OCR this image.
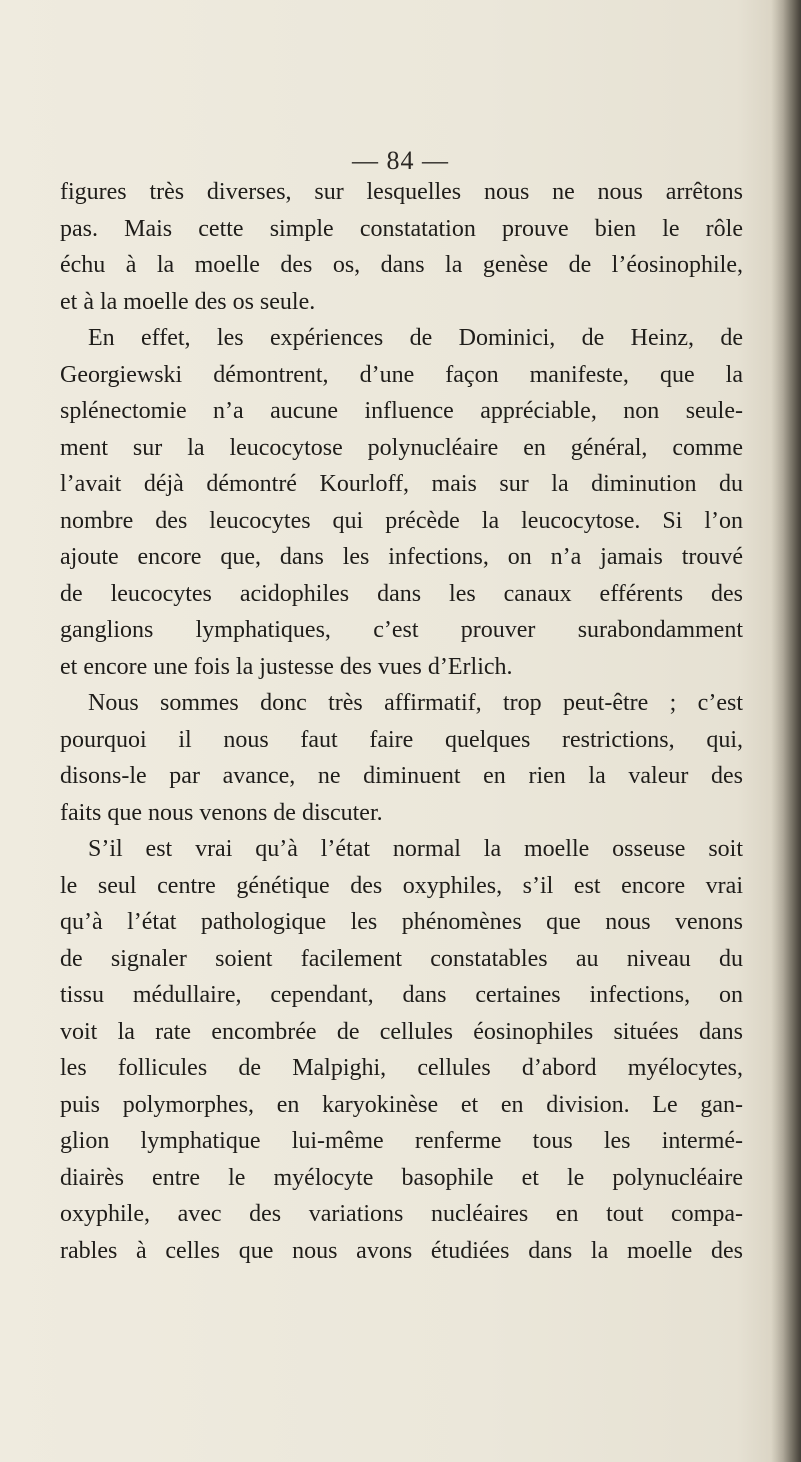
— 84 —
figures très diverses, sur lesquelles nous ne nous arrêtons
pas. Mais cette simple constatation prouve bien le rôle
échu à la moelle des os, dans la genèse de l’éosinophile,
et à la moelle des os seule.
En effet, les expériences de Dominici, de Heinz, de
Georgiewski démontrent, d’une façon manifeste, que la
splénectomie n’a aucune influence appréciable, non seule-
ment sur la leucocytose polynucléaire en général, comme
l’avait déjà démontré Kourloff, mais sur la diminution du
nombre des leucocytes qui précède la leucocytose. Si l’on
ajoute encore que, dans les infections, on n’a jamais trouvé
de leucocytes acidophiles dans les canaux efférents des
ganglions lymphatiques, c’est prouver surabondamment
et encore une fois la justesse des vues d’Erlich.
Nous sommes donc très affirmatif, trop peut-être ; c’est
pourquoi il nous faut faire quelques restrictions, qui,
disons-le par avance, ne diminuent en rien la valeur des
faits que nous venons de discuter.
S’il est vrai qu’à l’état normal la moelle osseuse soit
le seul centre génétique des oxyphiles, s’il est encore vrai
qu’à l’état pathologique les phénomènes que nous venons
de signaler soient facilement constatables au niveau du
tissu médullaire, cependant, dans certaines infections, on
voit la rate encombrée de cellules éosinophiles situées dans
les follicules de Malpighi, cellules d’abord myélocytes,
puis polymorphes, en karyokinèse et en division. Le gan-
glion lymphatique lui-même renferme tous les intermé-
diairès entre le myélocyte basophile et le polynucléaire
oxyphile, avec des variations nucléaires en tout compa-
rables à celles que nous avons étudiées dans la moelle des
